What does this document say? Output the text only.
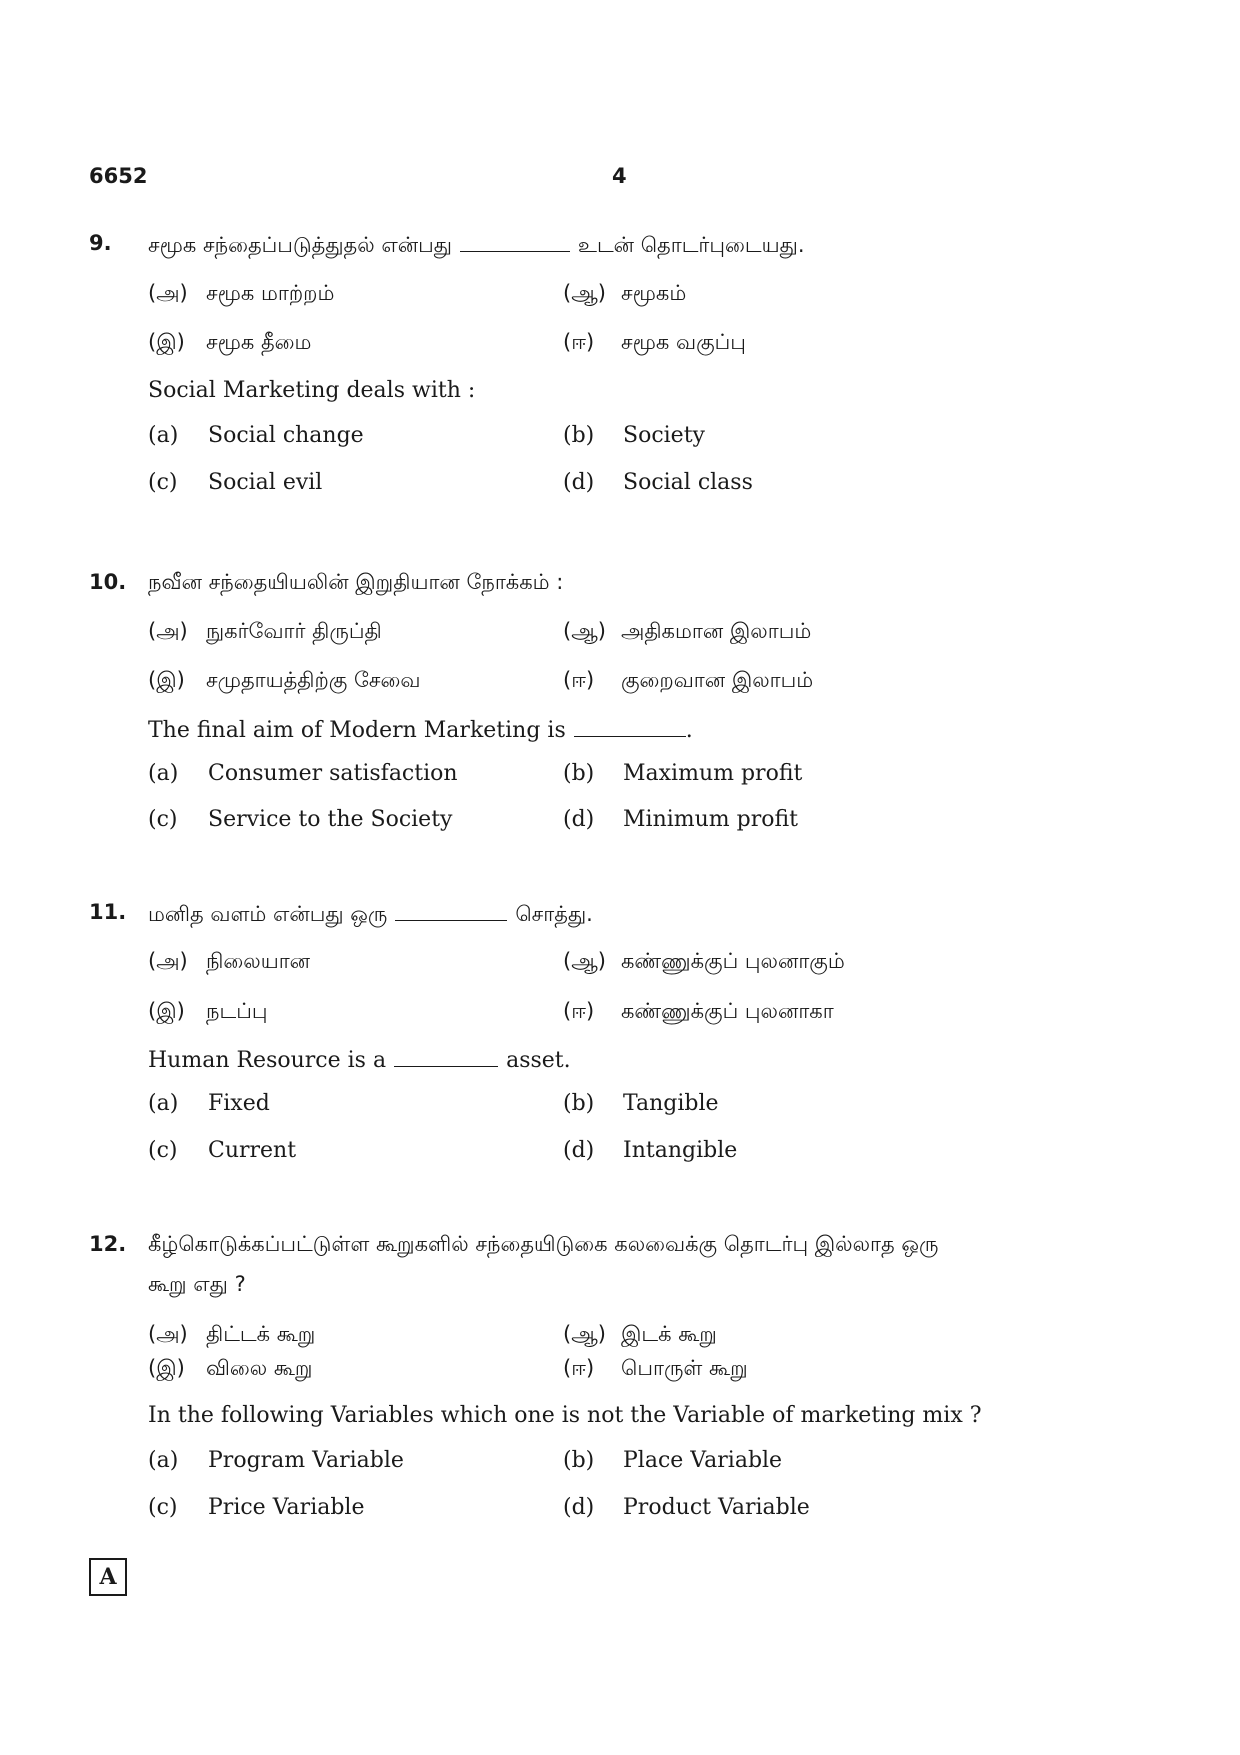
6652	4
9. சமூக சந்தைப்படுத்துதல் என்பது	உடன் தொடர்புடையது.
(அ) சமூக மாற்றம்	(ஆ) சமூகம்
(இ) சமூக தீமை	(ஈ) சமூக வகுப்பு
Social Marketing deals with :
(a) Social change	(b) Society
(c) Social evil	(d) Social class
10. நவீன சந்தையியலின் இறுதியான நோக்கம் :
(அ) நுகர்வோர் திருப்தி	(ஆ) அதிகமான இலாபம்
(இ) சமுதாயத்திற்கு சேவை	(ஈ) குறைவான இலாபம்
The final aim of Modern Marketing is	.
(a) Consumer satisfaction	(b) Maximum profit
(c) Service to the Society	(d) Minimum profit
11. மனித வளம் என்பது ஒரு	சொத்து.
(அ) நிலையான	(ஆ) கண்ணுக்குப் புலனாகும்
(இ) நடப்பு	(ஈ) கண்ணுக்குப் புலனாகா
Human Resource is a	asset.
(a) Fixed	(b) Tangible
(c) Current	(d) Intangible
12. கீழ்கொடுக்கப்பட்டுள்ள கூறுகளில் சந்தையிடுகை கலவைக்கு தொடர்பு இல்லாத ஒரு
கூறு எது ?
(அ) திட்டக் கூறு	(ஆ) இடக் கூறு
(இ) விலை கூறு	(ஈ) பொருள் கூறு
In the following Variables which one is not the Variable of marketing mix ?
(a) Program Variable	(b) Place Variable
(c) Price Variable	(d) Product Variable
A
